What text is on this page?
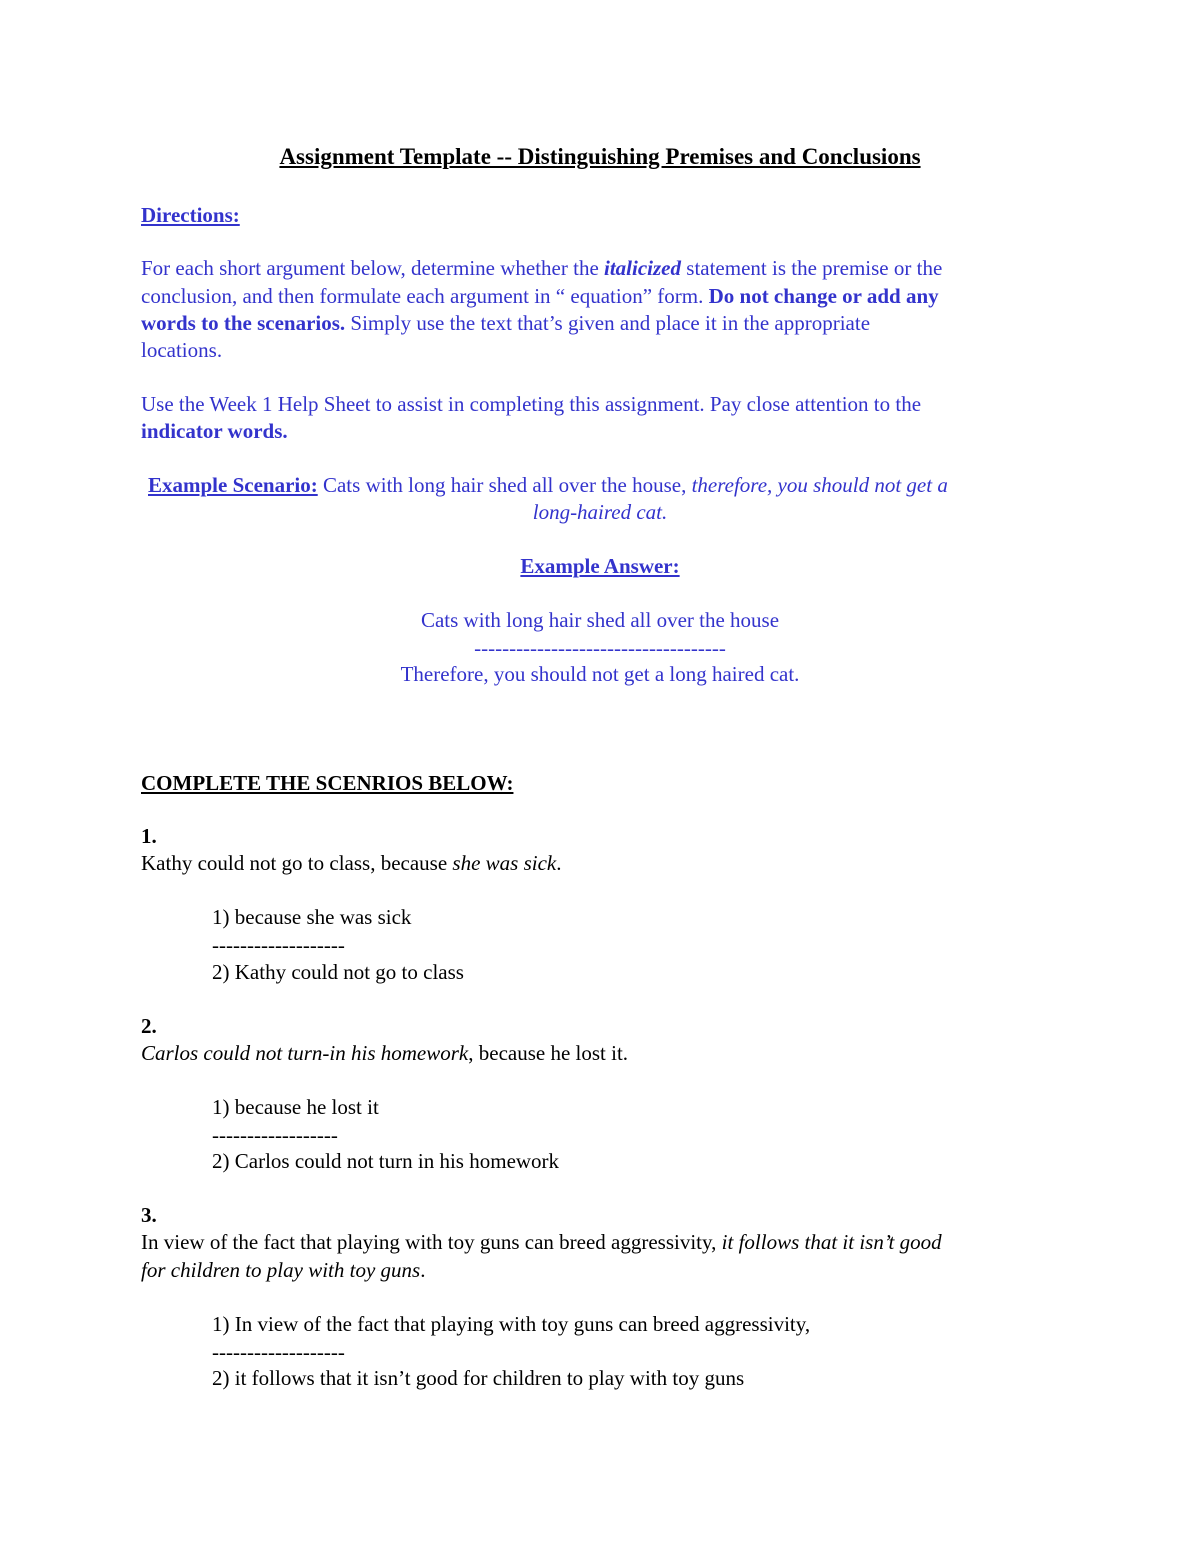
Assignment Template -- Distinguishing Premises and Conclusions
Directions:
For each short argument below, determine whether the italicized statement is the premise or the
conclusion, and then formulate each argument in “ equation” form. Do not change or add any
words to the scenarios. Simply use the text that’s given and place it in the appropriate
locations.
Use the Week 1 Help Sheet to assist in completing this assignment. Pay close attention to the
indicator words.
Example Scenario: Cats with long hair shed all over the house, therefore, you should not get a
long-haired cat.
Example Answer:
Cats with long hair shed all over the house
------------------------------------
Therefore, you should not get a long haired cat.
COMPLETE THE SCENRIOS BELOW:
1.
Kathy could not go to class, because she was sick.
1) because she was sick
-------------------
2) Kathy could not go to class
2.
Carlos could not turn-in his homework, because he lost it.
1) because he lost it
------------------
2) Carlos could not turn in his homework
3.
In view of the fact that playing with toy guns can breed aggressivity, it follows that it isn’t good
for children to play with toy guns.
1) In view of the fact that playing with toy guns can breed aggressivity,
-------------------
2) it follows that it isn’t good for children to play with toy guns
